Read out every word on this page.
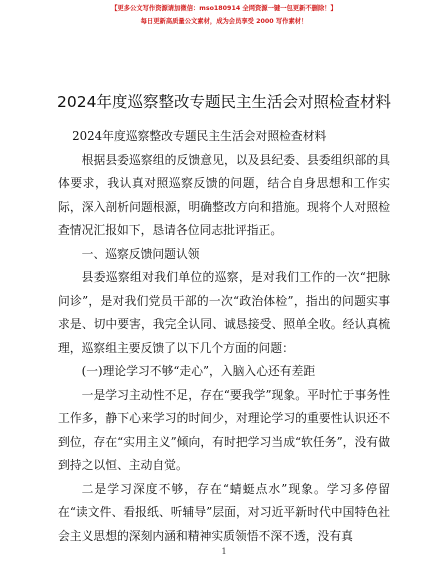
【更多公文写作资源请加微信：mso180914 全网资源一键一包更新不删除！】
每日更新高质量公文素材，成为会员享受 2000 写作素材！
2024年度巡察整改专题民主生活会对照检查材料

2024年度巡察整改专题民主生活会对照检查材料

根据县委巡察组的反馈意见，以及县纪委、县委组织部的具体要求，我认真对照巡察反馈的问题，结合自身思想和工作实际，深入剖析问题根源，明确整改方向和措施。现将个人对照检查情况汇报如下，恳请各位同志批评指正。

一、巡察反馈问题认领

县委巡察组对我们单位的巡察，是对我们工作的一次“把脉问诊”，是对我们党员干部的一次“政治体检”，指出的问题实事求是、切中要害，我完全认同、诚恳接受、照单全收。经认真梳理，巡察组主要反馈了以下几个方面的问题：

(一)理论学习不够“走心”，入脑入心还有差距

一是学习主动性不足，存在“要我学”现象。平时忙于事务性工作多，静下心来学习的时间少，对理论学习的重要性认识还不到位，存在“实用主义”倾向，有时把学习当成“软任务”，没有做到持之以恒、主动自觉。

二是学习深度不够，存在“蜻蜓点水”现象。学习多停留在“读文件、看报纸、听辅导”层面，对习近平新时代中国特色社会主义思想的深刻内涵和精神实质领悟不深不透，没有真

1
